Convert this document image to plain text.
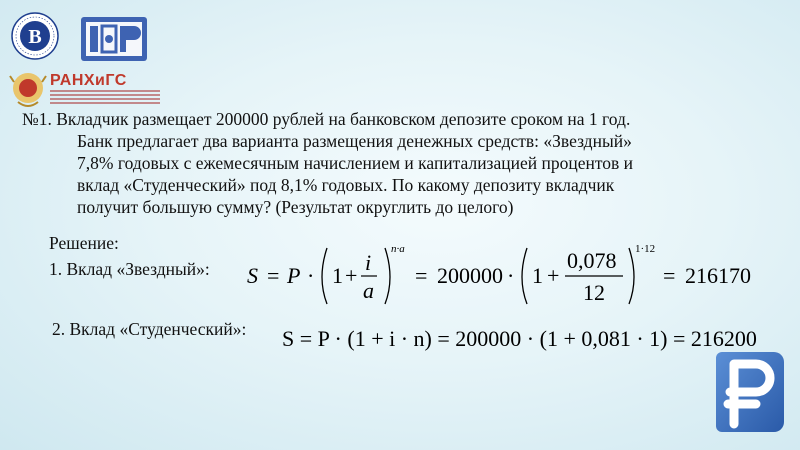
В
РАНХиГС
№1. Вкладчик размещает 200000 рублей на банковском депозите сроком на 1 год.
Банк предлагает два варианта размещения денежных средств: «Звездный»
7,8% годовых с ежемесячным начислением и капитализацией процентов и
вклад «Студенческий» под 8,1% годовых. По какому депозиту вкладчик
получит большую сумму? (Результат округлить до целого)
Решение:
1. Вклад «Звездный»:
2. Вклад «Студенческий»:
S = P · 1 +
i
a
n·a
= 200000 · 1 +
0,078
12
1·12
= 216170
S = P · (1 + i · n) = 200000 · (1 + 0,081 · 1) = 216200
